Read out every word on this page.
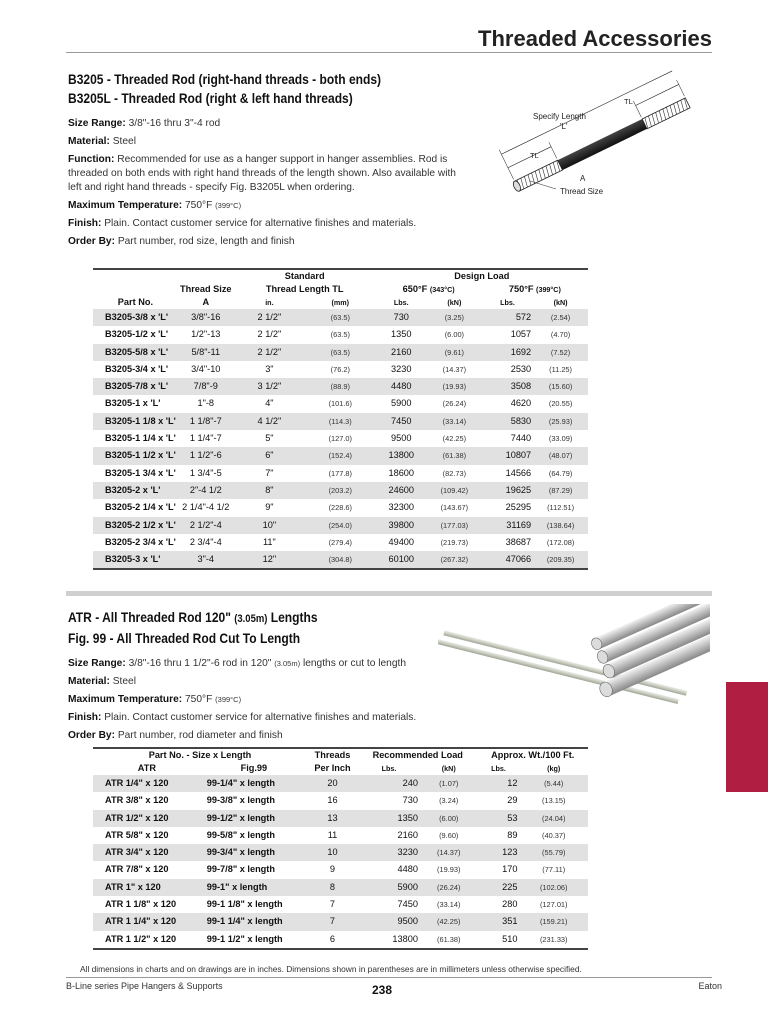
Threaded Accessories
B3205 - Threaded Rod (right-hand threads - both ends)
B3205L - Threaded Rod (right & left hand threads)

Size Range: 3/8"-16 thru 3"-4 rod

Material: Steel

Function: Recommended for use as a hanger support in hanger assemblies. Rod is threaded on both ends with right hand threads of the length shown. Also available with left and right hand threads - specify Fig. B3205L when ordering.

Maximum Temperature: 750°F (399°C)

Finish: Plain. Contact customer service for alternative finishes and materials.

Order By: Part number, rod size, length and finish

TL
Specify Length
'L'
TL
A
Thread Size
		Standard		Design Load			
	Thread Size	Thread Length TL		650°F (343°C)		750°F (399°C)	
Part No.	A	in.	(mm)	Lbs.	(kN)	Lbs.	(kN)
B3205-3/8 x 'L'	3/8"-16	2 1/2"	(63.5)	730	(3.25)	572	(2.54)
B3205-1/2 x 'L'	1/2"-13	2 1/2"	(63.5)	1350	(6.00)	1057	(4.70)
B3205-5/8 x 'L'	5/8"-11	2 1/2"	(63.5)	2160	(9.61)	1692	(7.52)
B3205-3/4 x 'L'	3/4"-10	3"	(76.2)	3230	(14.37)	2530	(11.25)
B3205-7/8 x 'L'	7/8"-9	3 1/2"	(88.9)	4480	(19.93)	3508	(15.60)
B3205-1 x 'L'	1"-8	4"	(101.6)	5900	(26.24)	4620	(20.55)
B3205-1 1/8 x 'L'	1 1/8"-7	4 1/2"	(114.3)	7450	(33.14)	5830	(25.93)
B3205-1 1/4 x 'L'	1 1/4"-7	5"	(127.0)	9500	(42.25)	7440	(33.09)
B3205-1 1/2 x 'L'	1 1/2"-6	6"	(152.4)	13800	(61.38)	10807	(48.07)
B3205-1 3/4 x 'L'	1 3/4"-5	7"	(177.8)	18600	(82.73)	14566	(64.79)
B3205-2 x 'L'	2"-4 1/2	8"	(203.2)	24600	(109.42)	19625	(87.29)
B3205-2 1/4 x 'L'	2 1/4"-4 1/2	9"	(228.6)	32300	(143.67)	25295	(112.51)
B3205-2 1/2 x 'L'	2 1/2"-4	10"	(254.0)	39800	(177.03)	31169	(138.64)
B3205-2 3/4 x 'L'	2 3/4"-4	11"	(279.4)	49400	(219.73)	38687	(172.08)
B3205-3 x 'L'	3"-4	12"	(304.8)	60100	(267.32)	47066	(209.35)
ATR - All Threaded Rod 120" (3.05m) Lengths
Fig. 99 - All Threaded Rod Cut To Length

Size Range: 3/8"-16 thru 1 1/2"-6 rod in 120" (3.05m) lengths or cut to length

Material: Steel

Maximum Temperature: 750°F (399°C)

Finish: Plain. Contact customer service for alternative finishes and materials.

Order By: Part number, rod diameter and finish

Part No. - Size x Length		Threads	Recommended Load		Approx. Wt./100 Ft.	
ATR	Fig.99	Per Inch	Lbs.	(kN)	Lbs.	(kg)
ATR 1/4" x 120	99-1/4" x length	20	240	(1.07)	12	(5.44)
ATR 3/8" x 120	99-3/8" x length	16	730	(3.24)	29	(13.15)
ATR 1/2" x 120	99-1/2" x length	13	1350	(6.00)	53	(24.04)
ATR 5/8" x 120	99-5/8" x length	11	2160	(9.60)	89	(40.37)
ATR 3/4" x 120	99-3/4" x length	10	3230	(14.37)	123	(55.79)
ATR 7/8" x 120	99-7/8" x length	9	4480	(19.93)	170	(77.11)
ATR 1" x 120	99-1" x length	8	5900	(26.24)	225	(102.06)
ATR 1 1/8" x 120	99-1 1/8" x length	7	7450	(33.14)	280	(127.01)
ATR 1 1/4" x 120	99-1 1/4" x length	7	9500	(42.25)	351	(159.21)
ATR 1 1/2" x 120	99-1 1/2" x length	6	13800	(61.38)	510	(231.33)

All dimensions in charts and on drawings are in inches. Dimensions shown in parentheses are in millimeters unless otherwise specified.
B-Line series Pipe Hangers & Supports	238	Eaton
